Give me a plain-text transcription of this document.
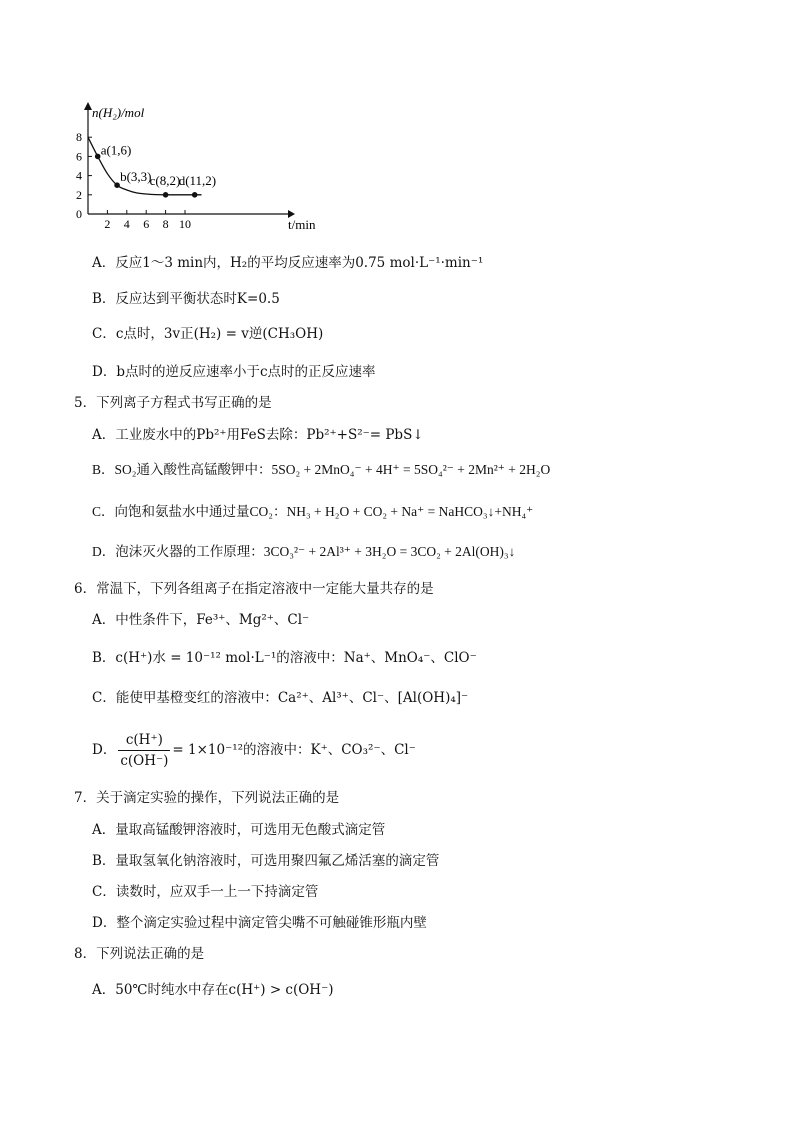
2 4 6 8 10
8
6
4
2
0
a(1,6)
b(3,3)
c(8,2)
d(11,2)
n(H₂)/mol
t/min
A．反应1～3 min内，H₂的平均反应速率为0.75 mol·L⁻¹·min⁻¹
B．反应达到平衡状态时K=0.5
C．c点时，3v正(H₂) = v逆(CH₃OH)
D．b点时的逆反应速率小于c点时的正反应速率
5．下列离子方程式书写正确的是
A．工业废水中的Pb²⁺用FeS去除：Pb²⁺+S²⁻= PbS↓
B．SO₂通入酸性高锰酸钾中：5SO₂ + 2MnO₄⁻ + 4H⁺ = 5SO₄²⁻ + 2Mn²⁺ + 2H₂O
C．向饱和氨盐水中通过量CO₂：NH₃ + H₂O + CO₂ + Na⁺ = NaHCO₃↓+NH₄⁺
D．泡沫灭火器的工作原理：3CO₃²⁻ + 2Al³⁺ + 3H₂O = 3CO₂ + 2Al(OH)₃↓
6．常温下，下列各组离子在指定溶液中一定能大量共存的是
A．中性条件下，Fe³⁺、Mg²⁺、Cl⁻
B．c(H⁺)水 = 10⁻¹² mol·L⁻¹的溶液中：Na⁺、MnO₄⁻、ClO⁻
C．能使甲基橙变红的溶液中：Ca²⁺、Al³⁺、Cl⁻、[Al(OH)₄]⁻
D． $\frac{c(H^+)}{c(OH^-)} = 1\times 10^{-12}$的溶液中：K⁺、CO₃²⁻、Cl⁻
7．关于滴定实验的操作，下列说法正确的是
A．量取高锰酸钾溶液时，可选用无色酸式滴定管
B．量取氢氧化钠溶液时，可选用聚四氟乙烯活塞的滴定管
C．读数时，应双手一上一下持滴定管
D．整个滴定实验过程中滴定管尖嘴不可触碰锥形瓶内壁
8．下列说法正确的是
A．50℃时纯水中存在c(H⁺) > c(OH⁻)
